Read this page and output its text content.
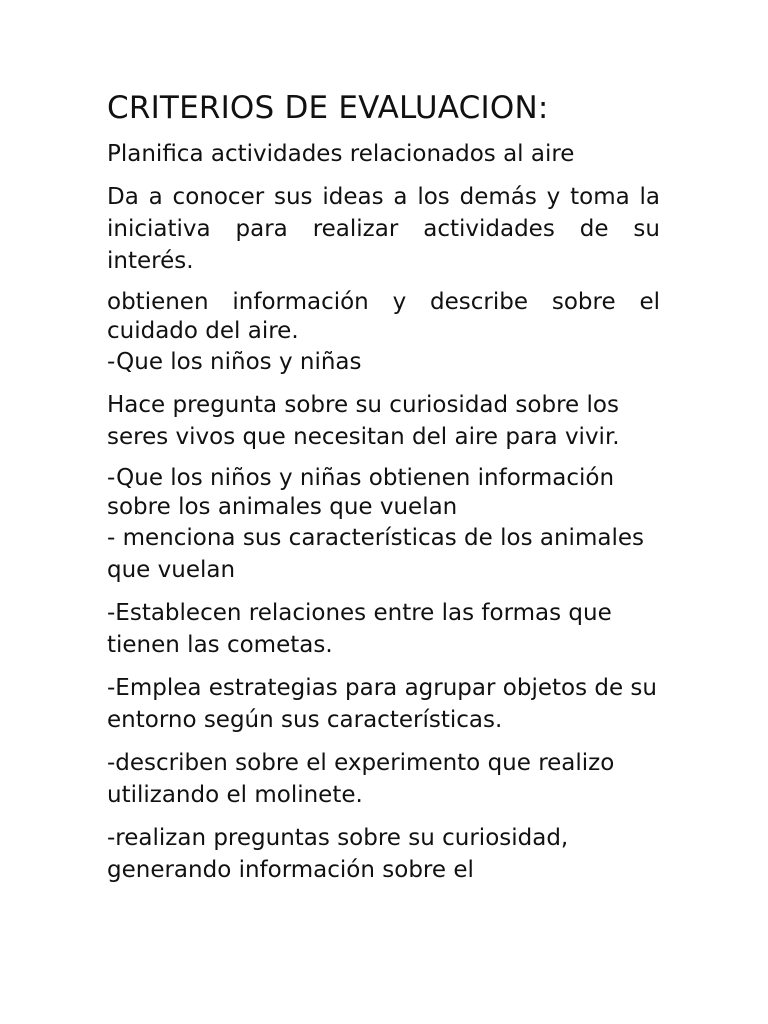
CRITERIOS DE EVALUACION:

Planifica actividades relacionados al aire

Da a conocer sus ideas a los demás y toma la iniciativa para realizar actividades de su interés.

obtienen información y describe sobre el cuidado del aire.
-Que los niños y niñas

Hace pregunta sobre su curiosidad sobre los seres vivos que necesitan del aire para vivir.

-Que los niños y niñas obtienen información sobre los animales que vuelan
- menciona sus características de los animales que vuelan

-Establecen relaciones entre las formas que tienen las cometas.

-Emplea estrategias para agrupar objetos de su entorno según sus características.

-describen sobre el experimento que realizo utilizando el molinete.

-realizan preguntas sobre su curiosidad, generando información sobre el
